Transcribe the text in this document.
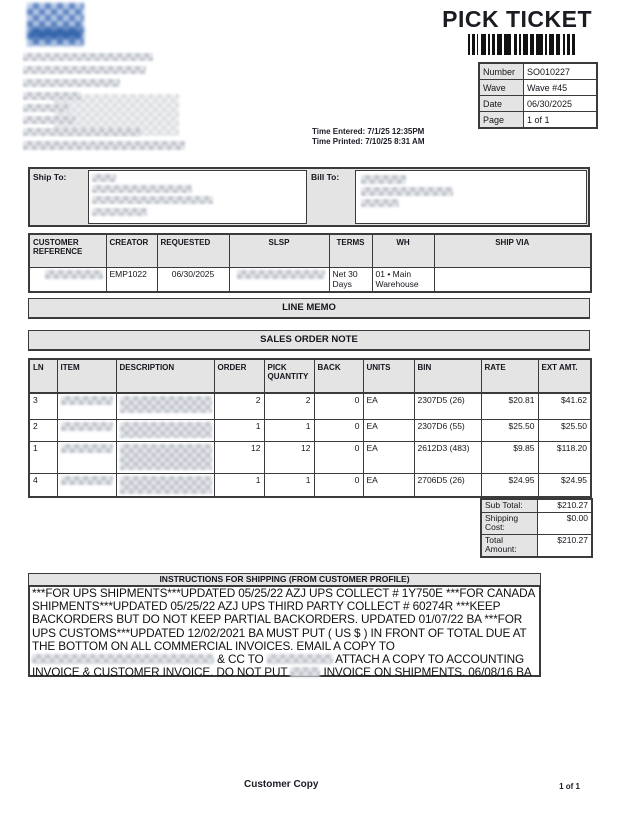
PICK TICKET
Number	SO010227
Wave	Wave #45
Date	06/30/2025
Page	1 of 1
Time Entered: 7/1/25 12:35PM
Time Printed: 7/10/25 8:31 AM
Ship To:	Bill To:
CUSTOMER REFERENCE	CREATOR	REQUESTED	SLSP	TERMS	WH	SHIP VIA
	EMP1022	06/30/2025		Net 30 Days	01 • Main Warehouse	
LINE MEMO
SALES ORDER NOTE
LN	ITEM	DESCRIPTION	ORDER	PICK QUANTITY	BACK	UNITS	BIN	RATE	EXT AMT.
3			2	2	0	EA	2307D5 (26)	$20.81	$41.62
2			1	1	0	EA	2307D6 (55)	$25.50	$25.50
1			12	12	0	EA	2612D3 (483)	$9.85	$118.20
4			1	1	0	EA	2706D5 (26)	$24.95	$24.95
Sub Total:	$210.27
Shipping Cost:	$0.00
Total Amount:	$210.27
INSTRUCTIONS FOR SHIPPING (FROM CUSTOMER PROFILE)
***FOR UPS SHIPMENTS***UPDATED 05/25/22 AZJ UPS COLLECT # 1Y750E ***FOR CANADA SHIPMENTS***UPDATED 05/25/22 AZJ UPS THIRD PARTY COLLECT # 60274R ***KEEP BACKORDERS BUT DO NOT KEEP PARTIAL BACKORDERS. UPDATED 01/07/22 BA ***FOR UPS CUSTOMS***UPDATED 12/02/2021 BA MUST PUT ( US $ ) IN FRONT OF TOTAL DUE AT THE BOTTOM ON ALL COMMERCIAL INVOICES. EMAIL A COPY TO  & CC TO	ATTACH A COPY TO ACCOUNTING INVOICE & CUSTOMER INVOICE. DO NOT PUT	INVOICE ON SHIPMENTS. 06/08/16 BA
Customer Copy	1 of 1
